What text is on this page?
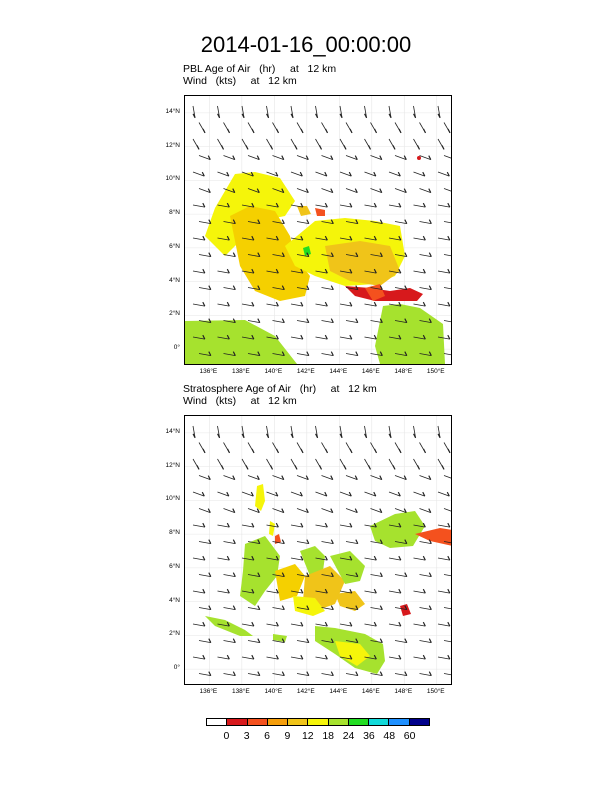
2014-01-16_00:00:00
PBL Age of Air   (hr)     at   12 km
Wind   (kts)     at   12 km
Stratosphere Age of Air   (hr)     at   12 km
Wind   (kts)     at   12 km
0°
2°N
4°N
6°N
8°N
10°N
12°N
14°N
136°E	138°E	140°E	142°E	144°E	146°E	148°E	150°E
0°
2°N
4°N
6°N
8°N
10°N
12°N
14°N
136°E	138°E	140°E	142°E	144°E	146°E	148°E	150°E
0	3	6	9	12 18 24 36 48 60
